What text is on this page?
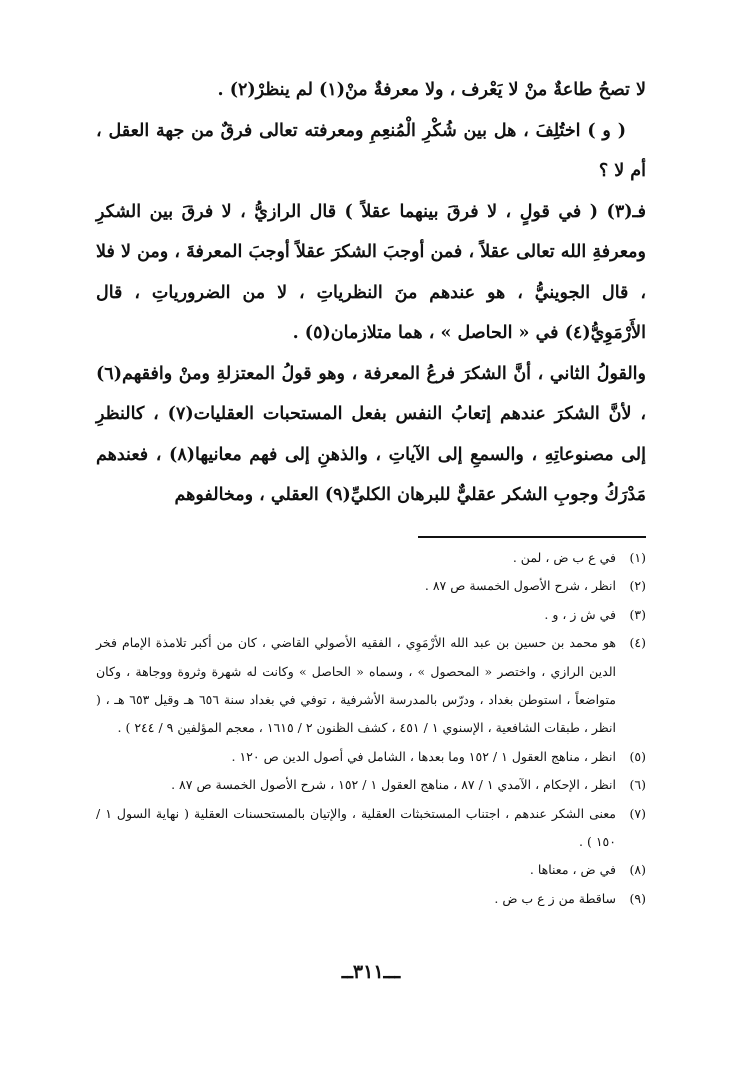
لا تصحُ طاعةٌ منْ لا يَعْرف ، ولا معرفةٌ منْ(١) لم ينظرْ(٢) .

( و ) اختُلِفَ ، هل بين شُكْرِ الْمُنعِمِ ومعرفته تعالى فرقٌ من جهة العقل ، أم لا ؟

فـ(٣) ( في قولٍ ، لا فرقَ بينهما عقلاً ) قال الرازيُّ ، لا فرقَ بين الشكرِ ومعرفةِ الله تعالى عقلاً ، فمن أوجبَ الشكرَ عقلاً أوجبَ المعرفةَ ، ومن لا فلا ، قال الجوينيُّ ، هو عندهم منَ النظرياتِ ، لا من الضرورياتِ ، قال الأَرْمَوِيُّ(٤) في « الحاصل » ، هما متلازمان(٥) .

والقولُ الثاني ، أنَّ الشكرَ فرعُ المعرفة ، وهو قولُ المعتزلةِ ومنْ وافقهم(٦) ، لأنَّ الشكرَ عندهم إتعابُ النفس بفعل المستحبات العقليات(٧) ، كالنظرِ إلى مصنوعاتِهِ ، والسمعِ إلى الآياتِ ، والذهنِ إلى فهم معانيها(٨) ، فعندهم مَدْرَكُ وجوبِ الشكر عقليٌّ للبرهان الكليِّ(٩) العقلي ، ومخالفوهم

(١)
في ع ب ض ، لمن .
(٢)
انظر ، شرح الأصول الخمسة ص ٨٧ .
(٣)
في ش ز ، و .
(٤)
هو محمد بن حسين بن عبد الله الأرْمَوِي ، الفقيه الأصولي القاضي ، كان من أكبر تلامذة الإمام فخر الدين الرازي ، واختصر « المحصول » ، وسماه « الحاصل » وكانت له شهرة وثروة ووجاهة ، وكان متواضعاً ، استوطن بغداد ، ودرّس بالمدرسة الأشرفية ، توفي في بغداد سنة ٦٥٦ هـ وقيل ٦٥٣ هـ ، ( انظر ، طبقات الشافعية ، الإسنوي ١ / ٤٥١ ، كشف الظنون ٢ / ١٦١٥ ، معجم المؤلفين ٩ / ٢٤٤ ) .
(٥)
انظر ، مناهج العقول ١ / ١٥٢ وما بعدها ، الشامل في أصول الدين ص ١٢٠ .
(٦)
انظر ، الإحكام ، الآمدي ١ / ٨٧ ، مناهج العقول ١ / ١٥٢ ، شرح الأصول الخمسة ص ٨٧ .
(٧)
معنى الشكر عندهم ، اجتناب المستخبثات العقلية ، والإتيان بالمستحسنات العقلية ( نهاية السول ١ / ١٥٠ ) .
(٨)
في ض ، معناها .
(٩)
ساقطة من ز ع ب ض .
ـــ٣١١ــ
